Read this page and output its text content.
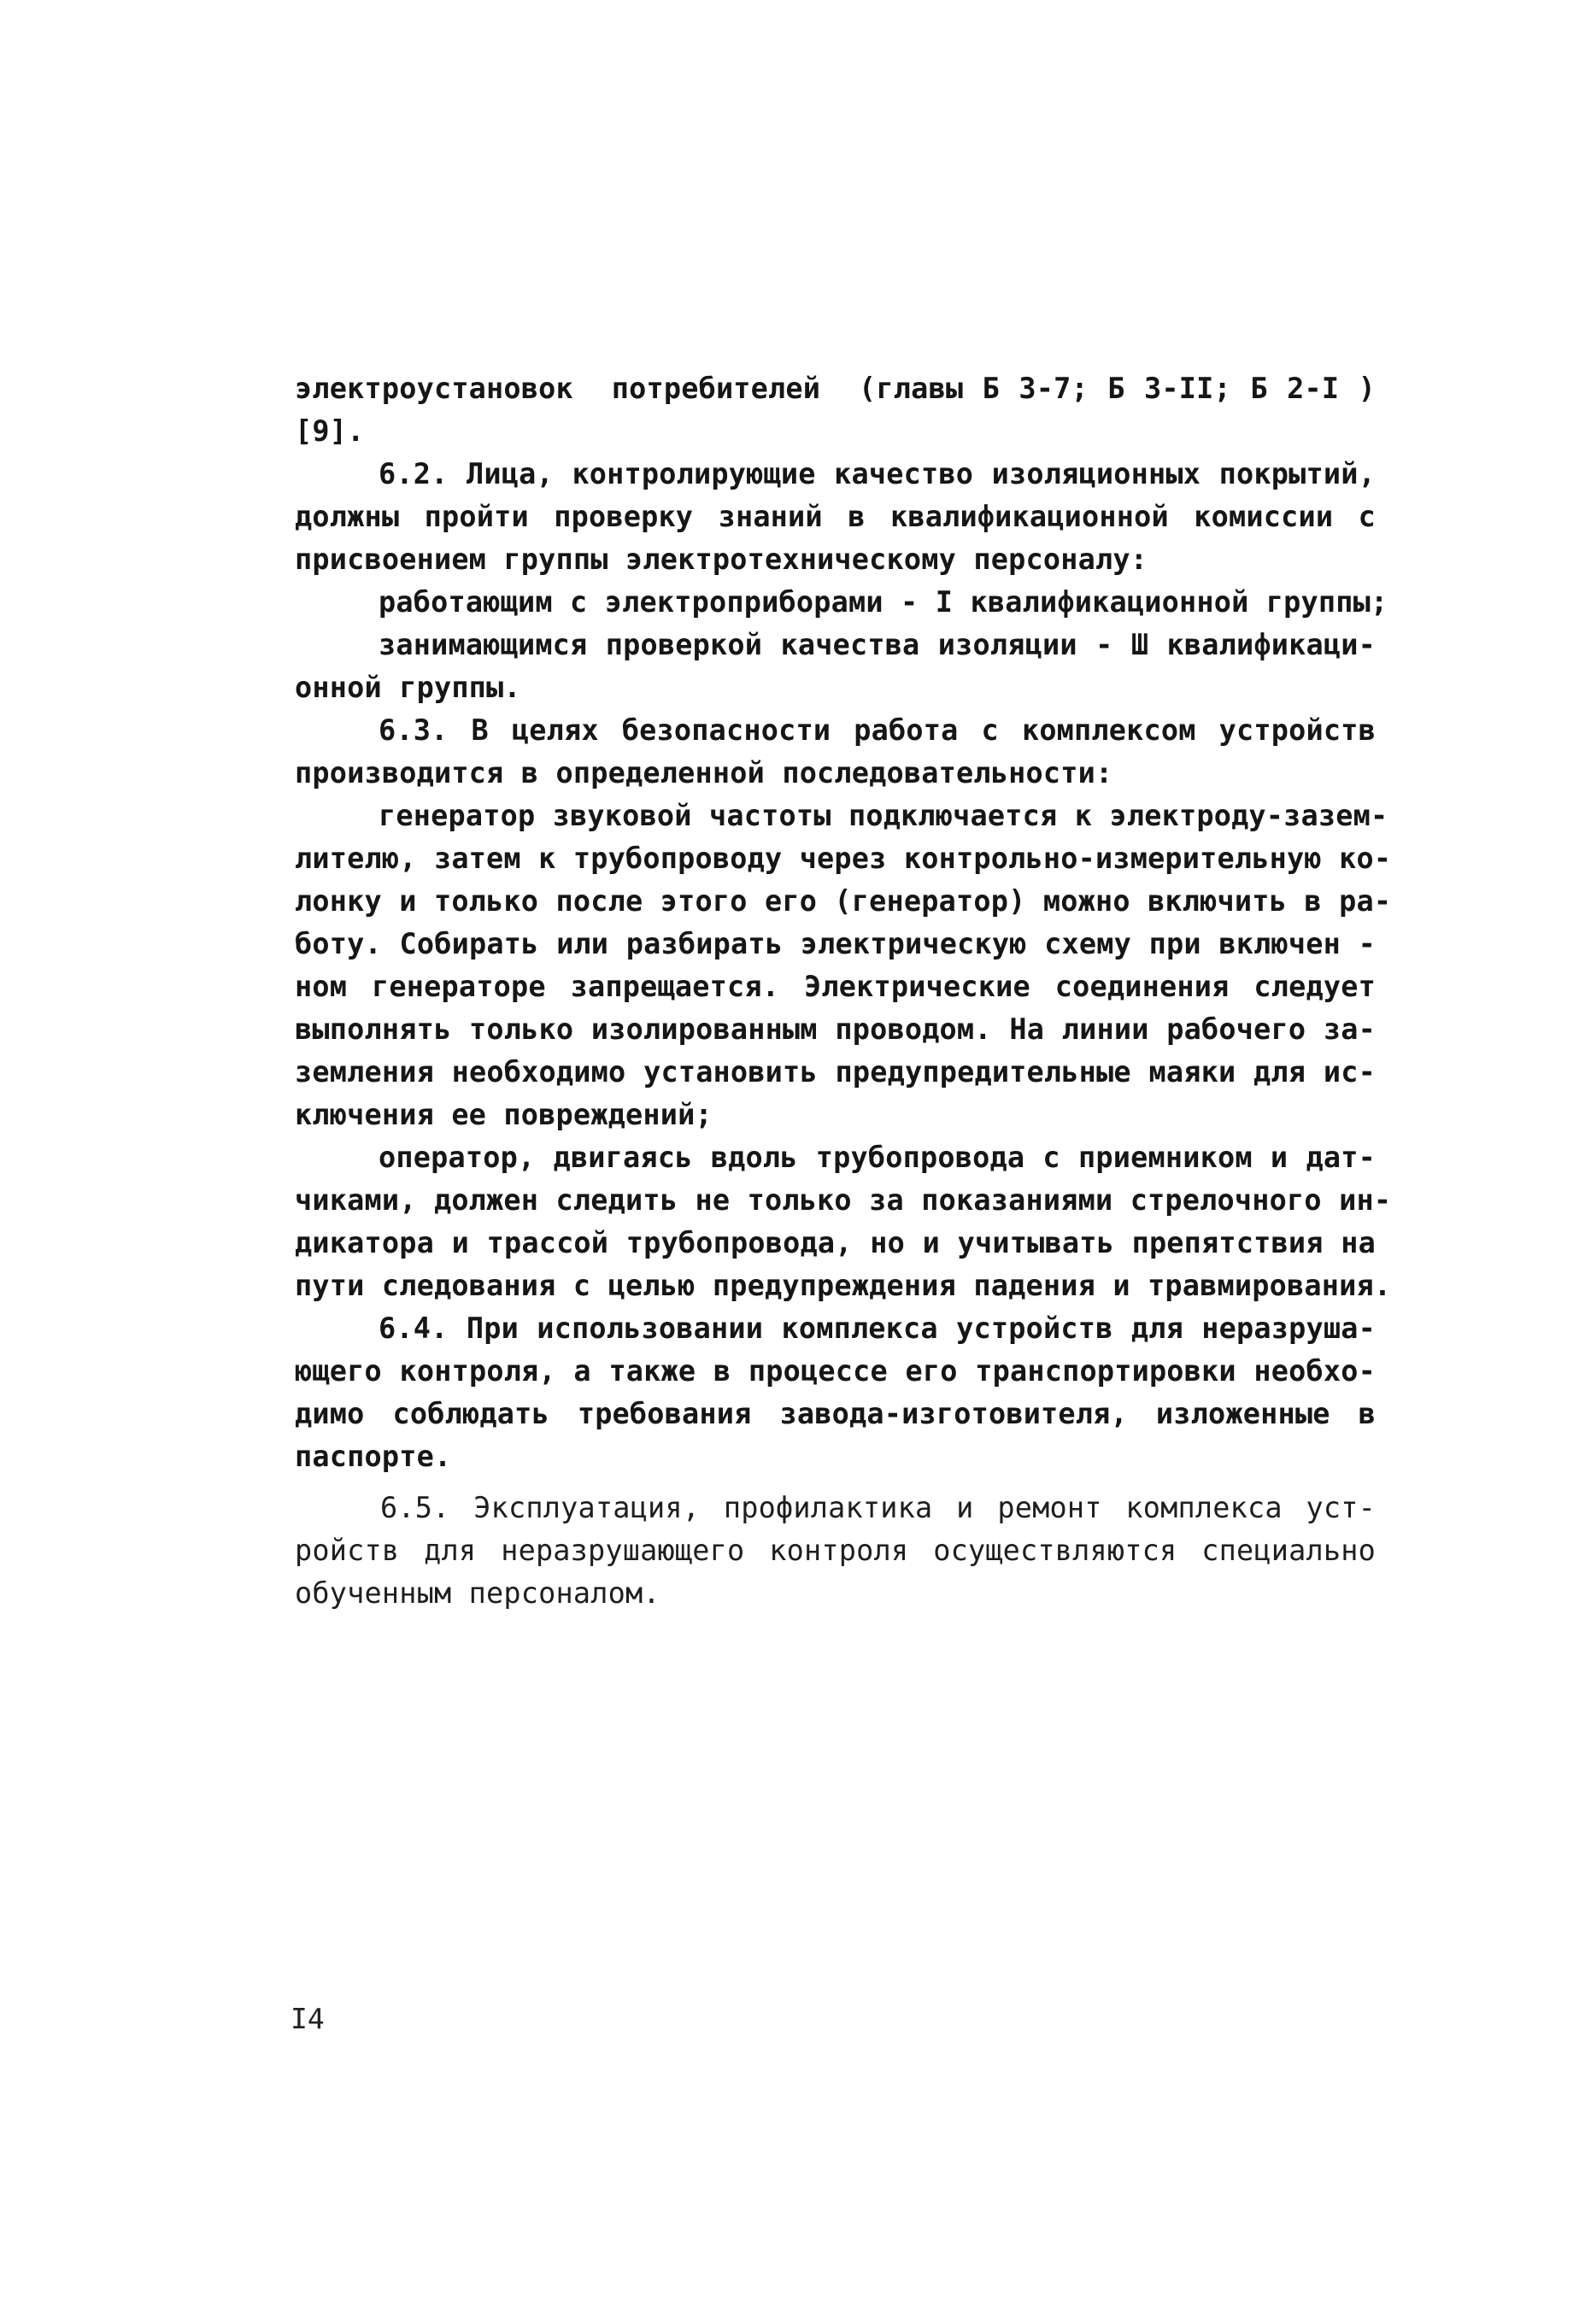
электроустановок  потребителей  (главы Б 3-7; Б 3-II; Б 2-I )
[9].
6.2. Лица, контролирующие качество изоляционных покрытий,
должны пройти проверку знаний в квалификационной комиссии с
присвоением группы электротехническому персоналу:
работающим с электроприборами - I квалификационной группы;
занимающимся проверкой качества изоляции - Ш квалификаци-
онной группы.
6.3. В целях безопасности работа с комплексом устройств
производится в определенной последовательности:
генератор звуковой частоты подключается к электроду-зазем-
лителю, затем к трубопроводу через контрольно-измерительную ко-
лонку и только после этого его (генератор) можно включить в ра-
боту. Собирать или разбирать электрическую схему при включен -
ном генераторе запрещается. Электрические соединения следует
выполнять только изолированным проводом. На линии рабочего за-
земления необходимо установить предупредительные маяки для ис-
ключения ее повреждений;
оператор, двигаясь вдоль трубопровода с приемником и дат-
чиками, должен следить не только за показаниями стрелочного ин-
дикатора и трассой трубопровода, но и учитывать препятствия на
пути следования с целью предупреждения падения и травмирования.
6.4. При использовании комплекса устройств для неразруша-
ющего контроля, а также в процессе его транспортировки необхо-
димо соблюдать требования завода-изготовителя, изложенные в
паспорте.
6.5. Эксплуатация, профилактика и ремонт комплекса уст-
ройств для неразрушающего контроля осуществляются специально
обученным персоналом.
I4
